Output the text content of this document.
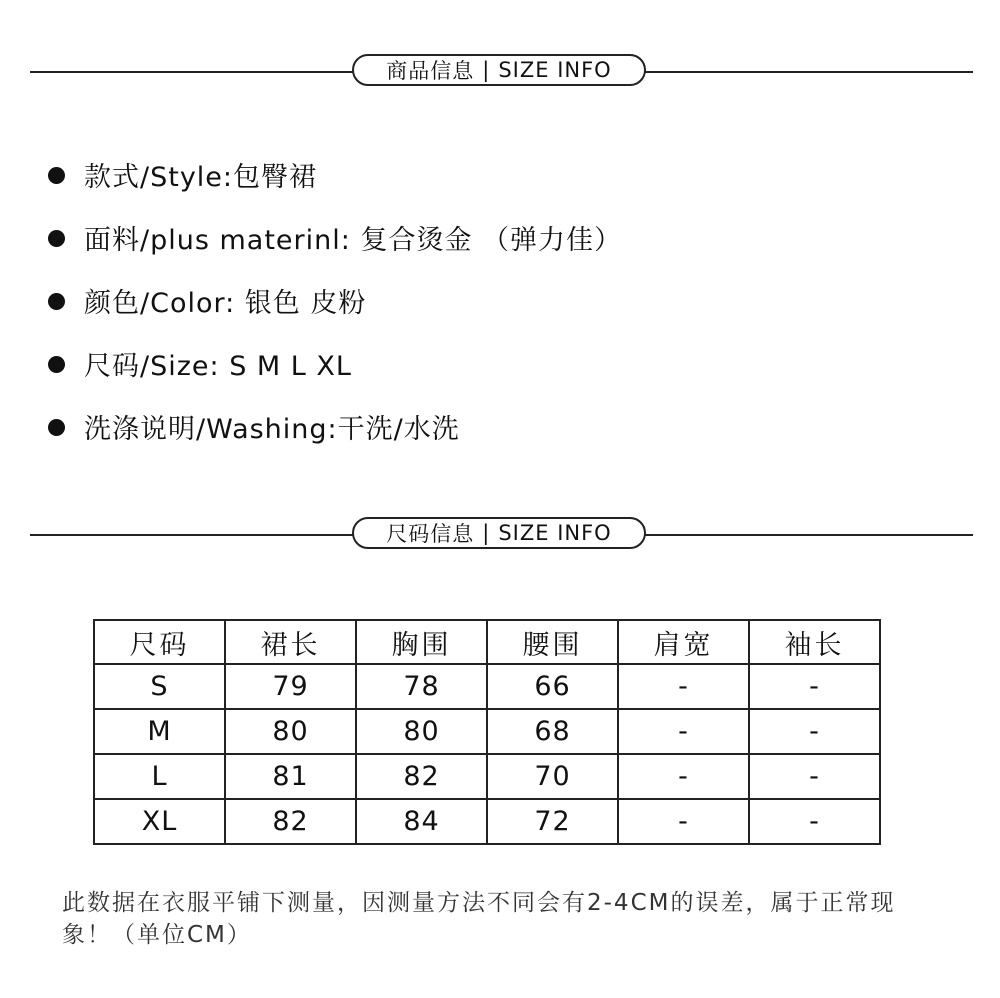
商品信息 | SIZE INFO
款式/Style:包臀裙
面料/plus materinl: 复合烫金 （弹力佳）
颜色/Color: 银色 皮粉
尺码/Size: S M L XL
洗涤说明/Washing:干洗/水洗
尺码信息 | SIZE INFO
尺码	裙长	胸围	腰围	肩宽	袖长
S	79	78	66	-	-
M	80	80	68	-	-
L	81	82	70	-	-
XL	82	84	72	-	-
此数据在衣服平铺下测量，因测量方法不同会有2-4CM的误差，属于正常现象！（单位CM）
